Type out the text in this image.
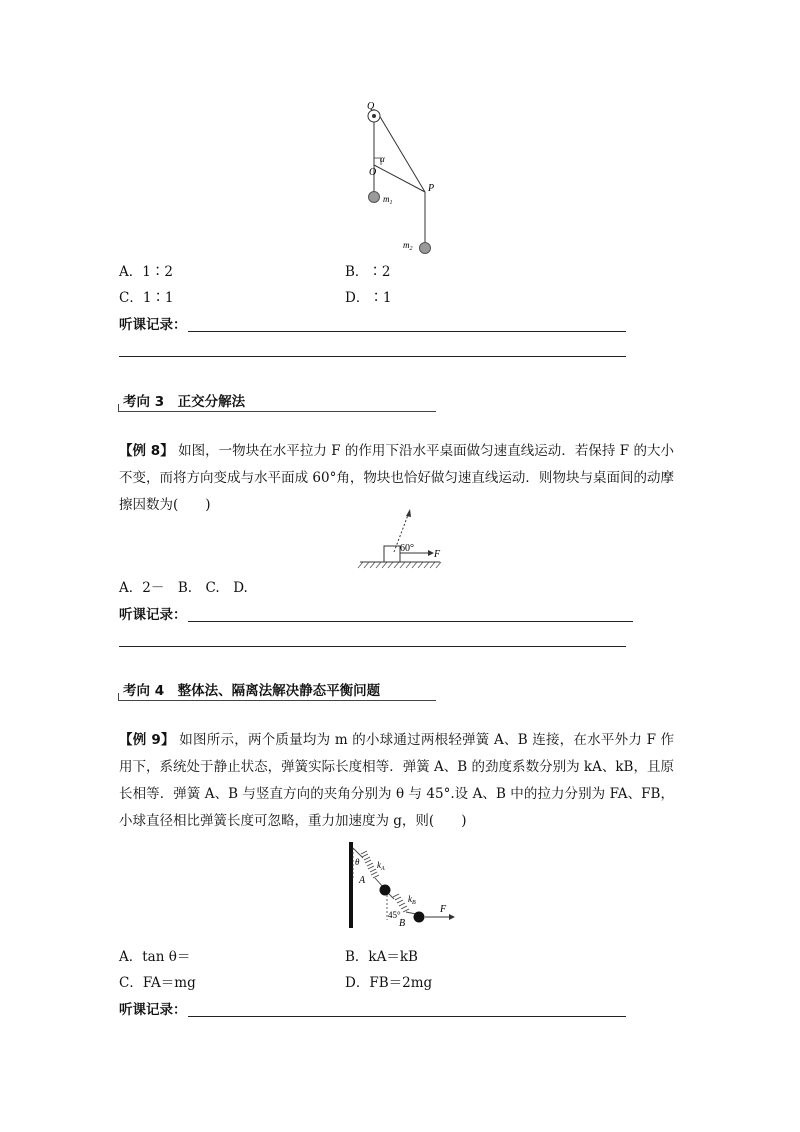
Q
α
O
P
$m_1$
$m_2$
A．1∶2	B．∶2
C．1∶1	D．∶1
听课记录：
考向 3　正交分解法
【例 8】 如图，一物块在水平拉力 F 的作用下沿水平桌面做匀速直线运动．若保持 F 的大小不变，而将方向变成与水平面成 60°角，物块也恰好做匀速直线运动．则物块与桌面间的动摩擦因数为(　　)
60°
F
A．2－　B.　C.　D.
听课记录：
考向 4　整体法、隔离法解决静态平衡问题
【例 9】 如图所示，两个质量均为 m 的小球通过两根轻弹簧 A、B 连接，在水平外力 F 作用下，系统处于静止状态，弹簧实际长度相等．弹簧 A、B 的劲度系数分别为 kA、kB，且原长相等．弹簧 A、B 与竖直方向的夹角分别为 θ 与 45°.设 A、B 中的拉力分别为 FA、FB，小球直径相比弹簧长度可忽略，重力加速度为 g，则(　　)
θ $k_A$
A
$k_B$
45°
B
F
A．tan θ＝	B．kA＝kB
C．FA＝mg	D．FB＝2mg
听课记录：
